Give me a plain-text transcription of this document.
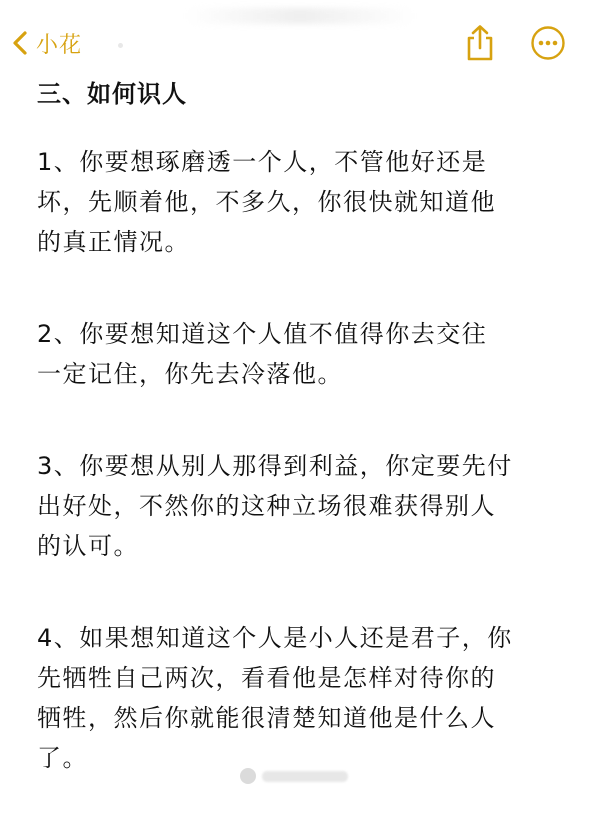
小花
三、如何识人
1、你要想琢磨透一个人，不管他好还是
坏，先顺着他，不多久，你很快就知道他
的真正情况。
2、你要想知道这个人值不值得你去交往
一定记住，你先去冷落他。
3、你要想从别人那得到利益，你定要先付
出好处，不然你的这种立场很难获得别人
的认可。
4、如果想知道这个人是小人还是君子，你
先牺牲自己两次，看看他是怎样对待你的
牺牲，然后你就能很清楚知道他是什么人
了。
